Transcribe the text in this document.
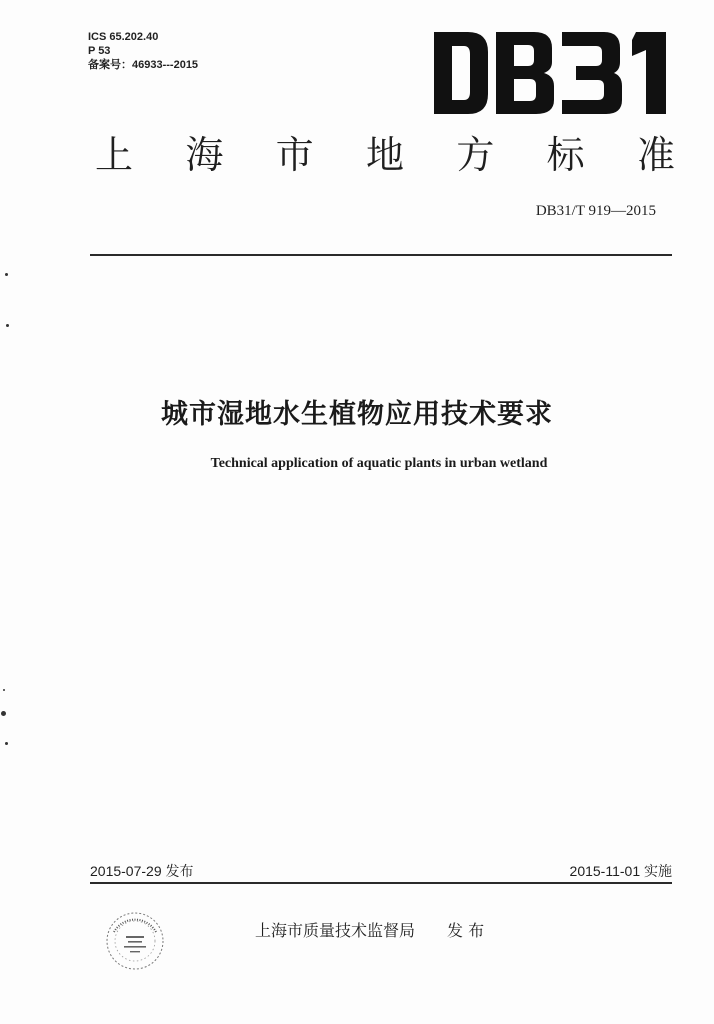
ICS 65.202.40
P 53
备案号：46933---2015
上 海 市 地 方 标 准
DB31/T 919—2015
城市湿地水生植物应用技术要求
Technical application of aquatic plants in urban wetland
2015-07-29 发布	2015-11-01 实施
上海市质量技术监督局 发 布
